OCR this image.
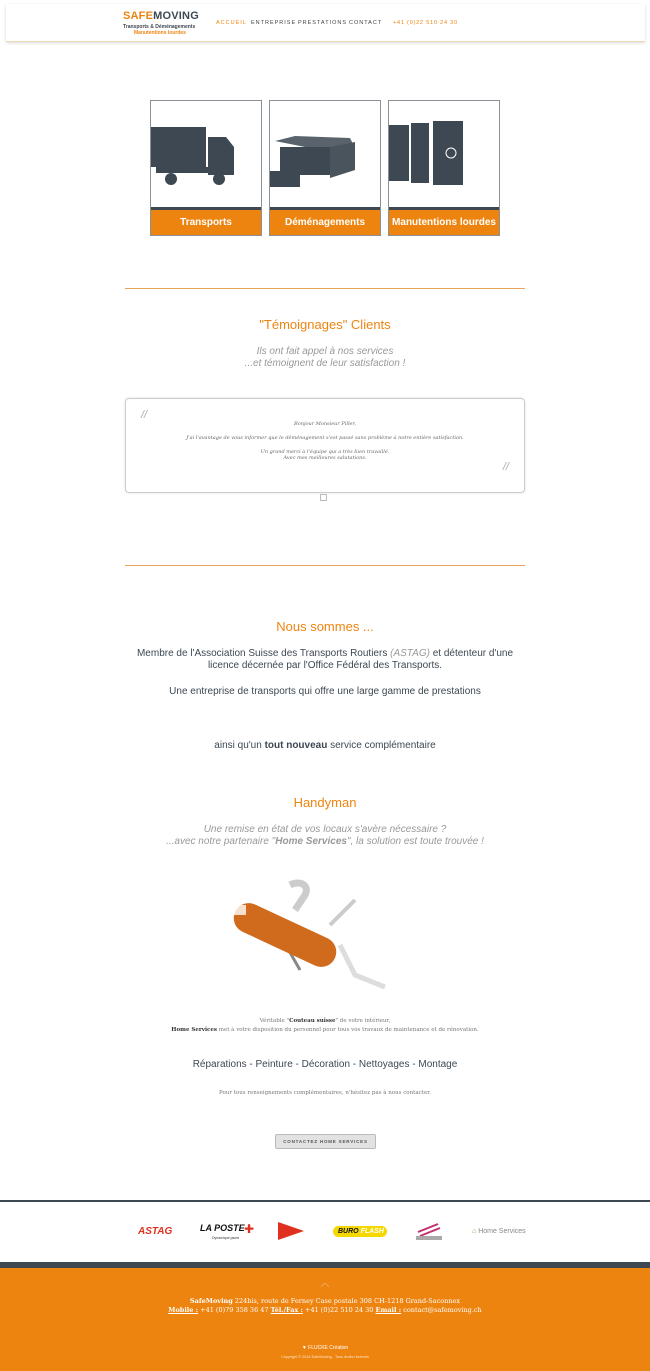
SAFEMOVING
Transports & Déménagements
Manutentions lourdes
ACCUEIL ENTREPRISE PRESTATIONS CONTACT +41 (0)22 510 24 30
Transports	Déménagements	Manutentions lourdes
"Témoignages" Clients
Ils ont fait appel à nos services
...et témoignent de leur satisfaction !
//
//

Bonjour Monsieur Piller,

J'ai l'avantage de vous informer que le déménagement s'est passé sans problème à notre entière satisfaction.

Un grand merci à l'équipe qui a très bien travaillé.

Avec mes meilleures salutations.

Nous sommes ...
Membre de l'Association Suisse des Transports Routiers (ASTAG) et détenteur d'une
licence décernée par l'Office Fédéral des Transports.
Une entreprise de transports qui offre une large gamme de prestations
ainsi qu'un tout nouveau service complémentaire
Handyman
Une remise en état de vos locaux s'avère nécessaire ?
...avec notre partenaire "Home Services", la solution est toute trouvée !
Véritable "Couteau suisse" de votre intérieur,
Home Services met à votre disposition du personnel pour tous vos travaux de maintenance et de rénovation.
Réparations - Peinture - Décoration - Nettoyages - Montage
Pour tous renseignements complémentaires, n'hésitez pas à nous contacter.
CONTACTEZ HOME SERVICES
ASTAG	LA POSTE ✚
Dynamique jaune
BURO FLASH	⌂ Home Services
︿
SafeMoving 224bis, route de Ferney Case postale 308 CH-1218 Grand-Saconnex
Mobile : +41 (0)79 358 36 47 Tél./Fax : +41 (0)22 510 24 30 Email : contact@safemoving.ch
▼ FLUCKE Création
Copyright © 2016 SafeMoving - Tous droits réservés
